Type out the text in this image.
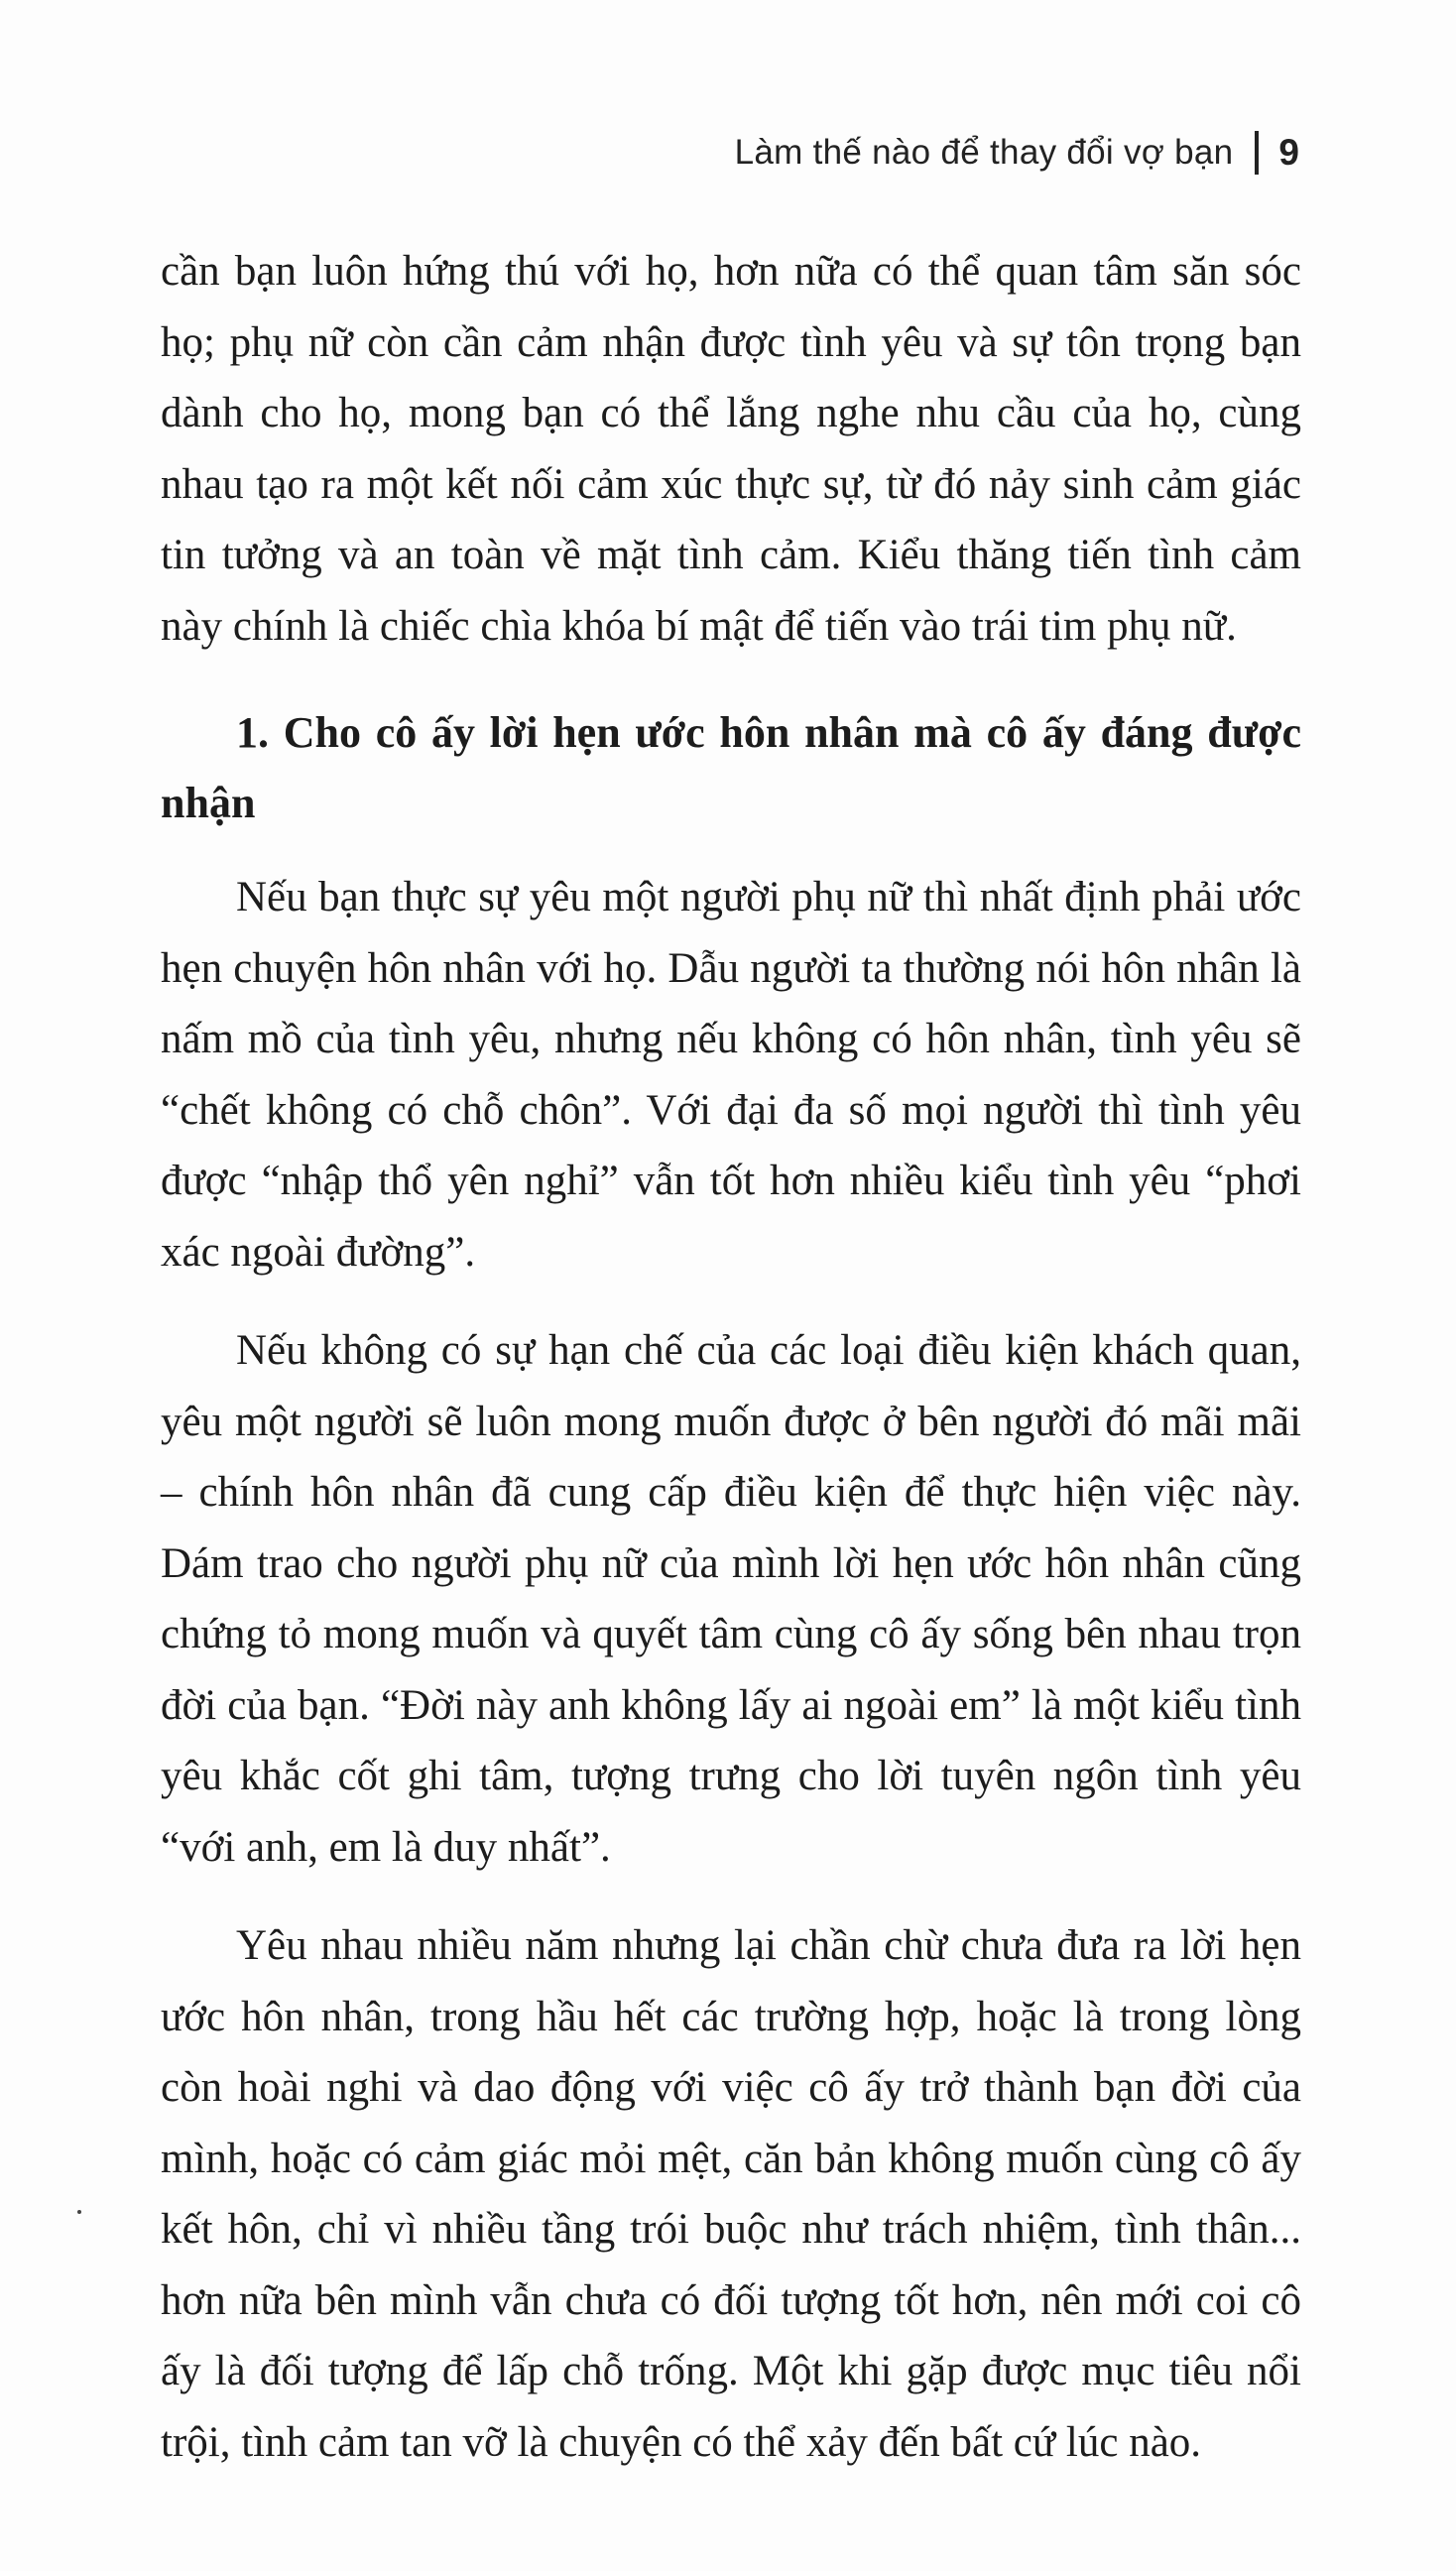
Làm thế nào để thay đổi vợ bạn 9

cần bạn luôn hứng thú với họ, hơn nữa có thể quan tâm săn sóc họ; phụ nữ còn cần cảm nhận được tình yêu và sự tôn trọng bạn dành cho họ, mong bạn có thể lắng nghe nhu cầu của họ, cùng nhau tạo ra một kết nối cảm xúc thực sự, từ đó nảy sinh cảm giác tin tưởng và an toàn về mặt tình cảm. Kiểu thăng tiến tình cảm này chính là chiếc chìa khóa bí mật để tiến vào trái tim phụ nữ.

1. Cho cô ấy lời hẹn ước hôn nhân mà cô ấy đáng được nhận

Nếu bạn thực sự yêu một người phụ nữ thì nhất định phải ước hẹn chuyện hôn nhân với họ. Dẫu người ta thường nói hôn nhân là nấm mồ của tình yêu, nhưng nếu không có hôn nhân, tình yêu sẽ “chết không có chỗ chôn”. Với đại đa số mọi người thì tình yêu được “nhập thổ yên nghỉ” vẫn tốt hơn nhiều kiểu tình yêu “phơi xác ngoài đường”.

Nếu không có sự hạn chế của các loại điều kiện khách quan, yêu một người sẽ luôn mong muốn được ở bên người đó mãi mãi – chính hôn nhân đã cung cấp điều kiện để thực hiện việc này. Dám trao cho người phụ nữ của mình lời hẹn ước hôn nhân cũng chứng tỏ mong muốn và quyết tâm cùng cô ấy sống bên nhau trọn đời của bạn. “Đời này anh không lấy ai ngoài em” là một kiểu tình yêu khắc cốt ghi tâm, tượng trưng cho lời tuyên ngôn tình yêu “với anh, em là duy nhất”.

Yêu nhau nhiều năm nhưng lại chần chừ chưa đưa ra lời hẹn ước hôn nhân, trong hầu hết các trường hợp, hoặc là trong lòng còn hoài nghi và dao động với việc cô ấy trở thành bạn đời của mình, hoặc có cảm giác mỏi mệt, căn bản không muốn cùng cô ấy kết hôn, chỉ vì nhiều tầng trói buộc như trách nhiệm, tình thân... hơn nữa bên mình vẫn chưa có đối tượng tốt hơn, nên mới coi cô ấy là đối tượng để lấp chỗ trống. Một khi gặp được mục tiêu nổi trội, tình cảm tan vỡ là chuyện có thể xảy đến bất cứ lúc nào.
